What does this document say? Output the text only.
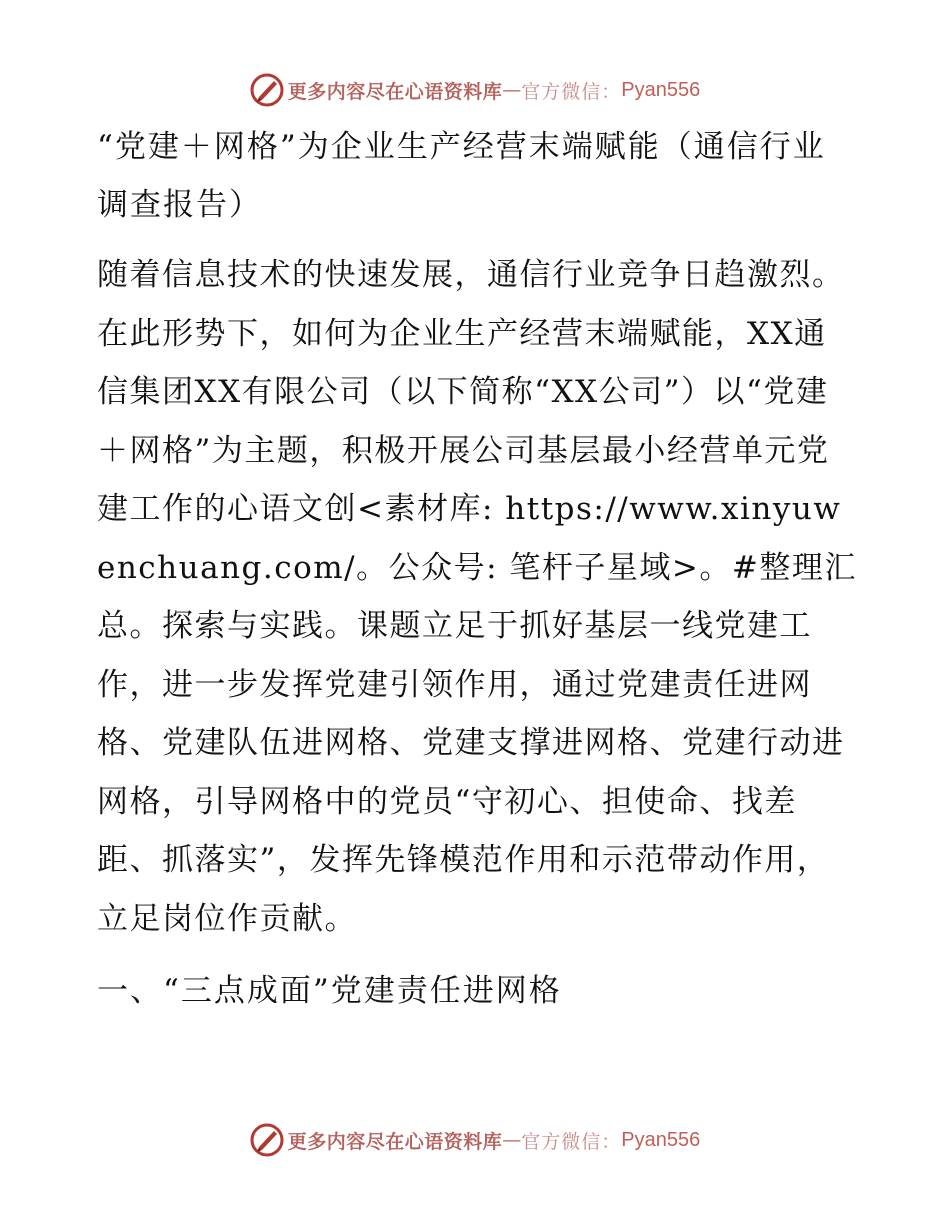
更多内容尽在心语资料库 — 官方微信： Pyan556
“党建＋网格”为企业生产经营末端赋能（通信行业调查报告）

随着信息技术的快速发展，通信行业竞争日趋激烈。在此形势下，如何为企业生产经营末端赋能，XX通信集团XX有限公司（以下简称“XX公司”）以“党建＋网格”为主题，积极开展公司基层最小经营单元党建工作的心语文创<素材库: https://www.xinyuwenchuang.com/。公众号: 笔杆子星域>。#整理汇总。探索与实践。课题立足于抓好基层一线党建工作，进一步发挥党建引领作用，通过党建责任进网格、党建队伍进网格、党建支撑进网格、党建行动进网格，引导网格中的党员“守初心、担使命、找差距、抓落实”，发挥先锋模范作用和示范带动作用，立足岗位作贡献。

一、“三点成面”党建责任进网格
更多内容尽在心语资料库 — 官方微信： Pyan556
